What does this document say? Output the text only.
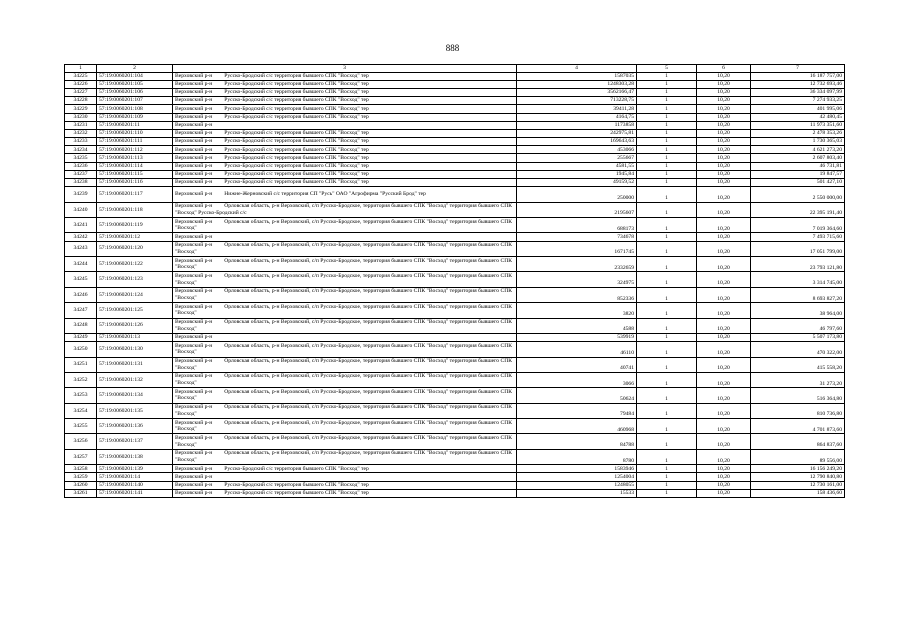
888
1	2	3	4	5	6	7
34225	57:19:0060201:104	Верховский р-н Русско-Бродский с/с территория бывшего СПК "Восход" тер	1587035	1	10,20	16 187 757,00
34226	57:19:0060201:105	Верховский р-н Русско-Бродский с/с территория бывшего СПК "Восход" тер	1248303,28	1	10,20	12 732 693,46
34227	57:19:0060201:106	Верховский р-н Русско-Бродский с/с территория бывшего СПК "Восход" тер	3562166,47	1	10,20	36 334 097,99
34228	57:19:0060201:107	Верховский р-н Русско-Бродский с/с территория бывшего СПК "Восход" тер	713228,75	1	10,20	7 274 933,25
34229	57:19:0060201:108	Верховский р-н Русско-Бродский с/с территория бывшего СПК "Восход" тер	39411,28	1	10,20	401 995,06
34230	57:19:0060201:109	Верховский р-н Русско-Бродский с/с территория бывшего СПК "Восход" тер	4164,75	1	10,20	42 480,45
34231	57:19:0060201:11	Верховский р-н	1173858	1	10,20	11 973 351,60
34232	57:19:0060201:110	Верховский р-н Русско-Бродский с/с территория бывшего СПК "Восход" тер	242975,81	1	10,20	2 478 353,26
34233	57:19:0060201:111	Верховский р-н Русско-Бродский с/с территория бывшего СПК "Восход" тер	169643,63	1	10,20	1 730 365,03
34234	57:19:0060201:112	Верховский р-н Русско-Бродский с/с территория бывшего СПК "Восход" тер	453066	1	10,20	4 621 273,20
34235	57:19:0060201:113	Верховский р-н Русско-Бродский с/с территория бывшего СПК "Восход" тер	255667	1	10,20	2 607 803,40
34236	57:19:0060201:114	Верховский р-н Русско-Бродский с/с территория бывшего СПК "Восход" тер	4581,55	1	10,20	46 731,81
34237	57:19:0060201:115	Верховский р-н Русско-Бродский с/с территория бывшего СПК "Восход" тер	1945,84	1	10,20	19 847,57
34238	57:19:0060201:116	Верховский р-н Русско-Бродский с/с территория бывшего СПК "Восход" тер	49159,52	1	10,20	501 427,10
34239	57:19:0060201:117	Верховский р-н Нижне-Жерновский с/с территория СП "Русь" ОАО "Агрофирма "Русский Брод" тер	250000	1	10,20	2 550 000,00
34240	57:19:0060201:118	Верховский р-н Орловская область, р-н Верховский, с/п Русско-Бродское, территория бывшего СПК "Восход" территория бывшего СПК "Восход" Русско-Бродский с/с	2195607	1	10,20	22 395 191,40
34241	57:19:0060201:119	Верховский р-н Орловская область, р-н Верховский, с/п Русско-Бродское, территория бывшего СПК "Восход" территория бывшего СПК "Восход"	688173	1	10,20	7 019 364,60
34242	57:19:0060201:12	Верховский р-н	734678	1	10,20	7 493 715,60
34243	57:19:0060201:120	Верховский р-н Орловская область, р-н Верховский, с/п Русско-Бродское, территория бывшего СПК "Восход" территория бывшего СПК "Восход"	1671745	1	10,20	17 051 799,00
34244	57:19:0060201:122	Верховский р-н Орловская область, р-н Верховский, с/п Русско-Бродское, территория бывшего СПК "Восход" территория бывшего СПК "Восход"	2332659	1	10,20	23 793 121,80
34245	57:19:0060201:123	Верховский р-н Орловская область, р-н Верховский, с/п Русско-Бродское, территория бывшего СПК "Восход" территория бывшего СПК "Восход"	324975	1	10,20	3 314 745,00
34246	57:19:0060201:124	Верховский р-н Орловская область, р-н Верховский, с/п Русско-Бродское, территория бывшего СПК "Восход" территория бывшего СПК "Восход"	852336	1	10,20	8 693 827,20
34247	57:19:0060201:125	Верховский р-н Орловская область, р-н Верховский, с/п Русско-Бродское, территория бывшего СПК "Восход" территория бывшего СПК "Восход"	3820	1	10,20	38 964,00
34248	57:19:0060201:126	Верховский р-н Орловская область, р-н Верховский, с/п Русско-Бродское, территория бывшего СПК "Восход" территория бывшего СПК "Восход"	4588	1	10,20	46 797,60
34249	57:19:0060201:13	Верховский р-н	539919	1	10,20	5 507 173,80
34250	57:19:0060201:130	Верховский р-н Орловская область, р-н Верховский, с/п Русско-Бродское, территория бывшего СПК "Восход" территория бывшего СПК "Восход"	46110	1	10,20	470 322,00
34251	57:19:0060201:131	Верховский р-н Орловская область, р-н Верховский, с/п Русско-Бродское, территория бывшего СПК "Восход" территория бывшего СПК "Восход"	40741	1	10,20	415 558,20
34252	57:19:0060201:132	Верховский р-н Орловская область, р-н Верховский, с/п Русско-Бродское, территория бывшего СПК "Восход" территория бывшего СПК "Восход"	3066	1	10,20	31 273,20
34253	57:19:0060201:134	Верховский р-н Орловская область, р-н Верховский, с/п Русско-Бродское, территория бывшего СПК "Восход" территория бывшего СПК "Восход"	50624	1	10,20	516 364,80
34254	57:19:0060201:135	Верховский р-н Орловская область, р-н Верховский, с/п Русско-Бродское, территория бывшего СПК "Восход" территория бывшего СПК "Восход"	79484	1	10,20	810 736,80
34255	57:19:0060201:136	Верховский р-н Орловская область, р-н Верховский, с/п Русско-Бродское, территория бывшего СПК "Восход" территория бывшего СПК "Восход"	460968	1	10,20	4 701 873,60
34256	57:19:0060201:137	Верховский р-н Орловская область, р-н Верховский, с/п Русско-Бродское, территория бывшего СПК "Восход" территория бывшего СПК "Восход"	84788	1	10,20	864 837,60
34257	57:19:0060201:138	Верховский р-н Орловская область, р-н Верховский, с/п Русско-Бродское, территория бывшего СПК "Восход" территория бывшего СПК "Восход"	8780	1	10,20	89 556,00
34258	57:19:0060201:139	Верховский р-н Русско-Бродский с/с территория бывшего СПК "Восход" тер	1583946	1	10,20	16 156 249,20
34259	57:19:0060201:14	Верховский р-н	1254004	1	10,20	12 790 840,80
34260	57:19:0060201:140	Верховский р-н Русско-Бродский с/с территория бывшего СПК "Восход" тер	1248055	1	10,20	12 730 161,00
34261	57:19:0060201:141	Верховский р-н Русско-Бродский с/с территория бывшего СПК "Восход" тер	15533	1	10,20	158 436,60
